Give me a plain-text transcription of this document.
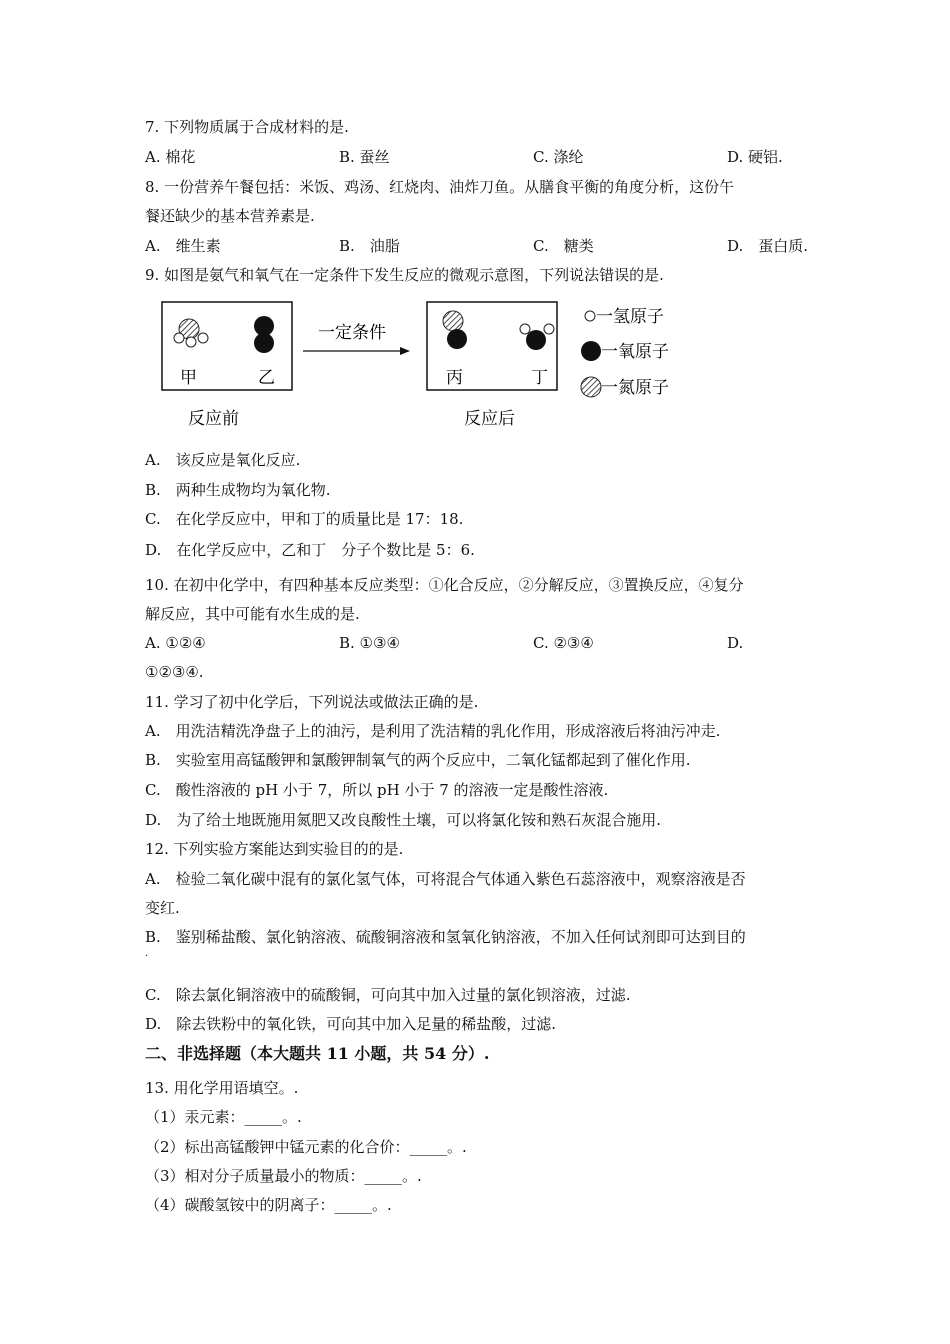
7. 下列物质属于合成材料的是.
A. 棉花	B. 蚕丝	C. 涤纶	D. 硬铝.
8. 一份营养午餐包括：米饭、鸡汤、红烧肉、油炸刀鱼。从膳食平衡的角度分析，这份午
餐还缺少的基本营养素是.
A.　维生素	B.　油脂	C.　糖类	D.　蛋白质.
9. 如图是氨气和氧气在一定条件下发生反应的微观示意图，下列说法错误的是.
甲	乙
一定条件
丙	丁
反应前	反应后
一氢原子
一氧原子
一氮原子
A.　该反应是氧化反应.
B.　两种生成物均为氧化物.
C.　在化学反应中，甲和丁的质量比是 17：18.
D.　在化学反应中，乙和丁　分子个数比是 5：6.
10. 在初中化学中，有四种基本反应类型：①化合反应，②分解反应，③置换反应，④复分
解反应，其中可能有水生成的是.
A. ①②④	B. ①③④	C. ②③④	D.
①②③④.
11. 学习了初中化学后，下列说法或做法正确的是.
A.　用洗洁精洗净盘子上的油污，是利用了洗洁精的乳化作用，形成溶液后将油污冲走.
B.　实验室用高锰酸钾和氯酸钾制氧气的两个反应中，二氧化锰都起到了催化作用.
C.　酸性溶液的 pH 小于 7，所以 pH 小于 7 的溶液一定是酸性溶液.
D.　为了给土地既施用氮肥又改良酸性土壤，可以将氯化铵和熟石灰混合施用.
12. 下列实验方案能达到实验目的的是.
A.　检验二氧化碳中混有的氯化氢气体，可将混合气体通入紫色石蕊溶液中，观察溶液是否
变红.
B.　鉴别稀盐酸、氯化钠溶液、硫酸铜溶液和氢氧化钠溶液，不加入任何试剂即可达到目的
.
C.　除去氯化铜溶液中的硫酸铜，可向其中加入过量的氯化钡溶液，过滤.
D.　除去铁粉中的氧化铁，可向其中加入足量的稀盐酸，过滤.
二、非选择题（本大题共 11 小题，共 54 分）.
13. 用化学用语填空。.
（1）汞元素：_____。.
（2）标出高锰酸钾中锰元素的化合价：_____。.
（3）相对分子质量最小的物质：_____。.
（4）碳酸氢铵中的阴离子：_____。.
